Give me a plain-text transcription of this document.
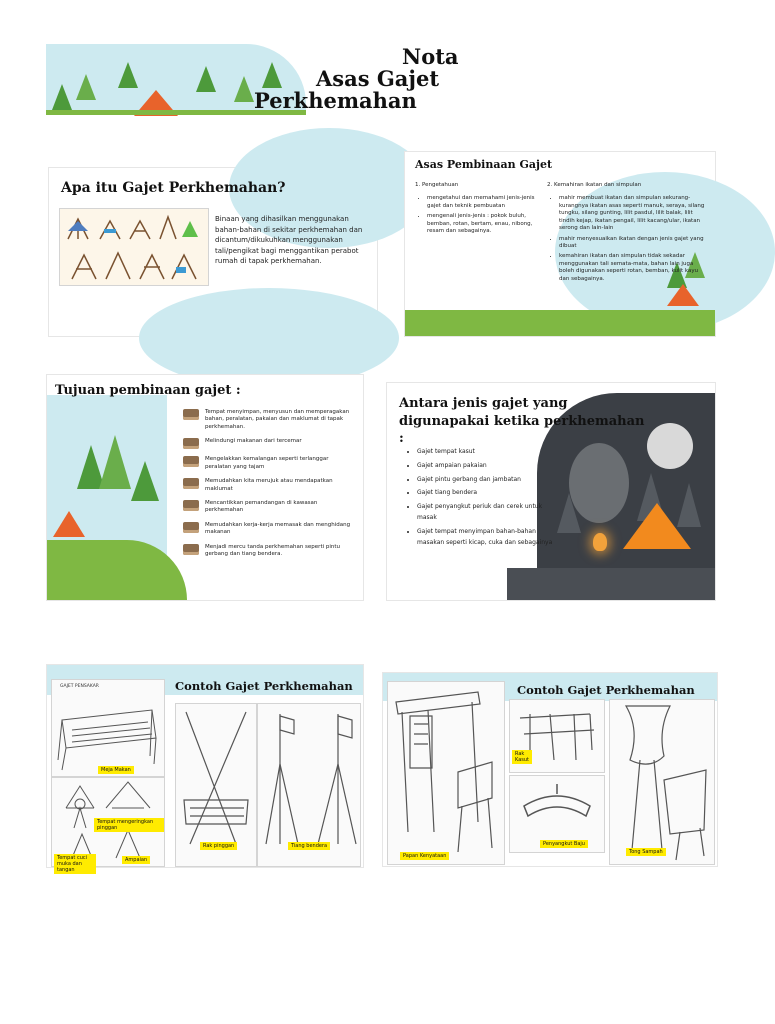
Nota
Asas Gajet
Perkhemahan
Apa itu Gajet Perkhemahan?
Binaan yang dihasilkan menggunakan bahan-bahan di sekitar perkhemahan dan dicantum/dikukuhkan menggunakan tali/pengikat bagi menggantikan perabot rumah di tapak perkhemahan.
Asas Pembinaan Gajet
1. Pengetahuan
• mengetahui dan memahami jenis-jenis gajet dan teknik pembuatan
• mengenali jenis-jenis : pokok buluh, bemban, rotan, bertam, enau, nibong, resam dan sebagainya.
2. Kemahiran ikatan dan simpulan
• mahir membuat ikatan dan simpulan sekurang-kurangnya ikatan asas seperti manuk, seraya, silang tungku, silang gunting, lilit pasdul, lilit balak, lilit tindih kejap, ikatan pengail, lilit kacang/ular, ikatan serong dan lain-lain
• mahir menyesuaikan ikatan dengan jenis gajet yang dibuat
• kemahiran ikatan dan simpulan tidak sekadar menggunakan tali semata-mata, bahan lain juga boleh digunakan seperti rotan, bemban, kulit kayu dan sebagainya.
Tujuan pembinaan gajet :
Tempat menyimpan, menyusun dan memperagakan bahan, peralatan, pakaian dan maklumat di tapak perkhemahan.
Melindungi makanan dari tercemar
Mengelakkan kemalangan seperti terlanggar peralatan yang tajam
Memudahkan kita merujuk atau mendapatkan maklumat
Mencantikkan pemandangan di kawasan perkhemahan
Memudahkan kerja-kerja memasak dan menghidang makanan
Menjadi mercu tanda perkhemahan seperti pintu gerbang dan tiang bendera.
Antara jenis gajet yang digunapakai ketika perkhemahan :
• Gajet tempat kasut
• Gajet ampaian pakaian
• Gajet pintu gerbang dan jambatan
• Gajet tiang bendera
• Gajet penyangkut periuk dan cerek untuk masak
• Gajet tempat menyimpan bahan-bahan masakan seperti kicap, cuka dan sebagainya
Contoh Gajet Perkhemahan
GAJET PENSAKAR
Meja Makan
Tempat mengeringkan pinggan
Tempat cuci muka dan tangan
Ampaian
Rak pinggan	Tiang bendera
Contoh Gajet Perkhemahan
Papan Kenyataan
Rak Kasut
Penyangkut Baju
Tong Sampah
